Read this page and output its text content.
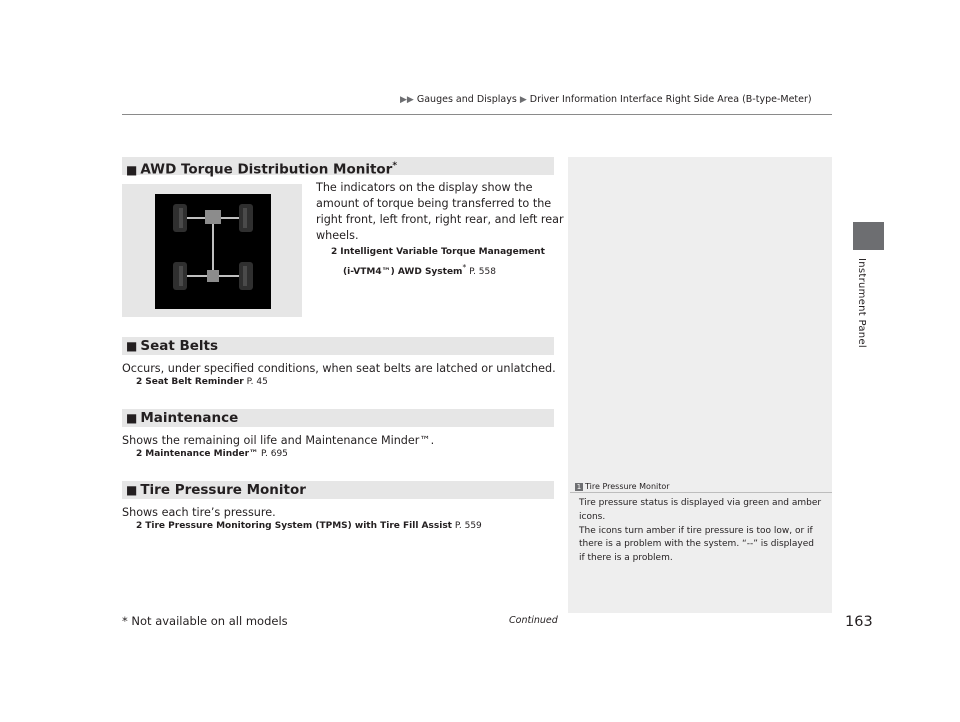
▶▶ Gauges and Displays ▶ Driver Information Interface Right Side Area (B-type-Meter)
Instrument Panel
■ AWD Torque Distribution Monitor*
The indicators on the display show the
amount of torque being transferred to the
right front, left front, right rear, and left rear
wheels.
2 Intelligent Variable Torque Management
(i-VTM4™) AWD System* P. 558
■ Seat Belts
Occurs, under specified conditions, when seat belts are latched or unlatched.
2 Seat Belt Reminder P. 45
■ Maintenance
Shows the remaining oil life and Maintenance Minder™.
2 Maintenance Minder™ P. 695
■ Tire Pressure Monitor
Shows each tire’s pressure.
2 Tire Pressure Monitoring System (TPMS) with Tire Fill Assist P. 559
1 Tire Pressure Monitor
Tire pressure status is displayed via green and amber
icons.
The icons turn amber if tire pressure is too low, or if
there is a problem with the system. “--” is displayed
if there is a problem.
* Not available on all models	Continued	163
